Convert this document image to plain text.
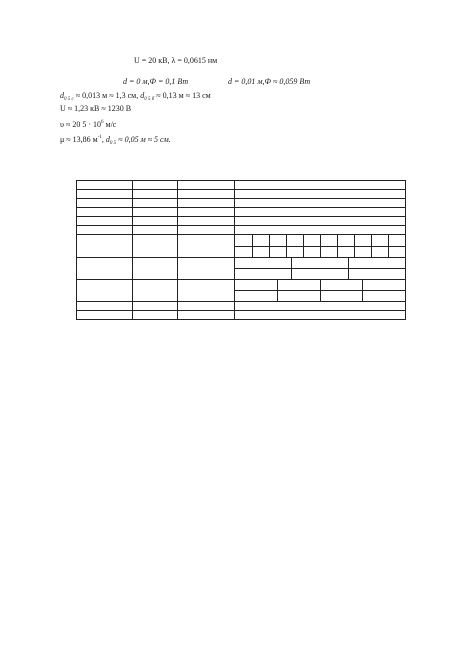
U = 20 кВ, λ = 0,0615 нм
d = 0 м,Ф = 0,1 Вт	d = 0,01 м,Ф ≈ 0,059 Вт
$d_{0 5 c} \approx 0,013$ м ≈ 1,3 см, $d_{0 5 б} \approx 0,13$ м ≈ 13 см
U ≈ 1,23 кВ ≈ 1230 В
υ ≈ 20 $5 \cdot 10^6$ м/с
μ ≈ 13,86 $м^{-1}$, $d_{0 5} \approx 0,05$ м ≈ 5 см.
